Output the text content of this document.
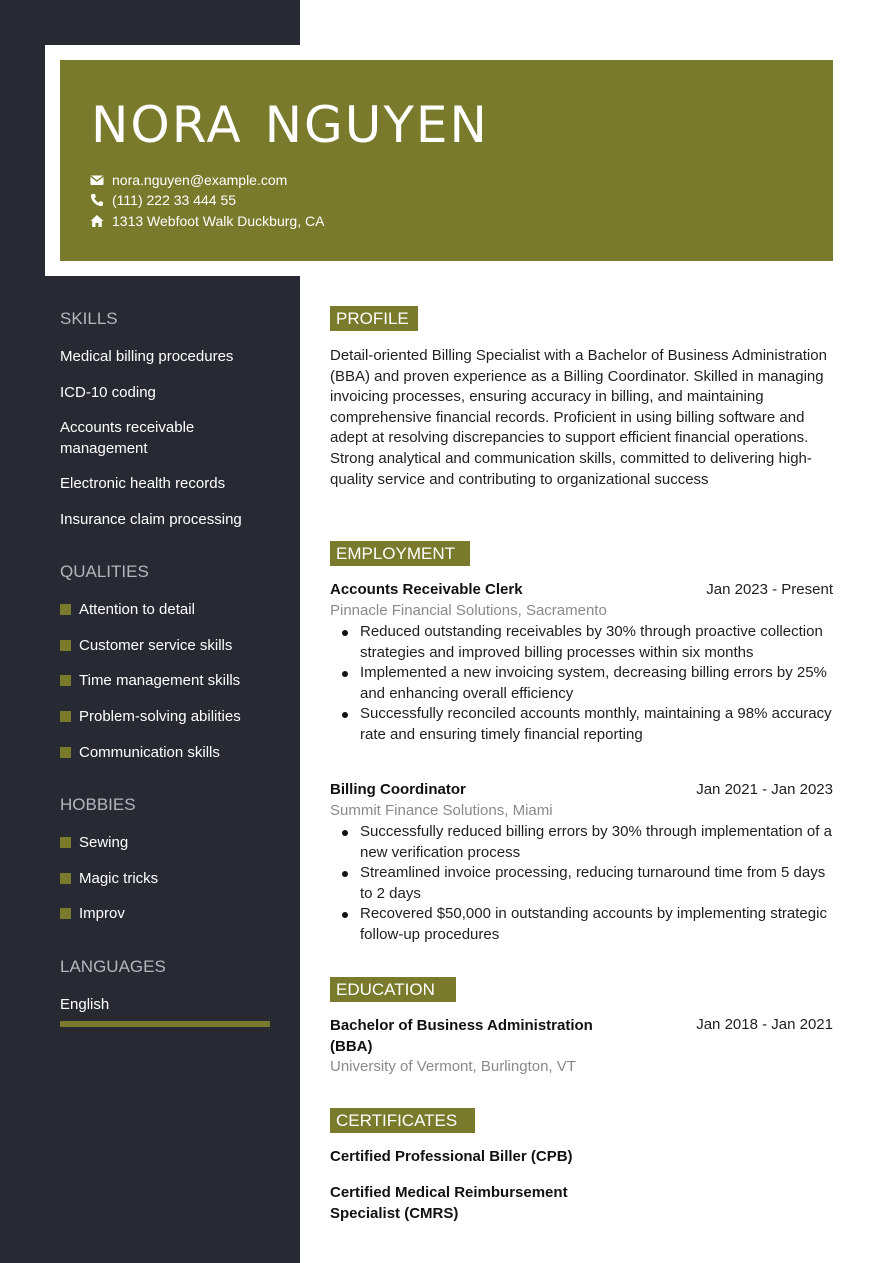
NORA NGUYEN
nora.nguyen@example.com
(111) 222 33 444 55
1313 Webfoot Walk Duckburg, CA
SKILLS
Medical billing procedures
ICD-10 coding
Accounts receivable management
Electronic health records
Insurance claim processing
QUALITIES
Attention to detail
Customer service skills
Time management skills
Problem-solving abilities
Communication skills
HOBBIES
Sewing
Magic tricks
Improv
LANGUAGES
English
PROFILE
Detail-oriented Billing Specialist with a Bachelor of Business Administration (BBA) and proven experience as a Billing Coordinator. Skilled in managing invoicing processes, ensuring accuracy in billing, and maintaining comprehensive financial records. Proficient in using billing software and adept at resolving discrepancies to support efficient financial operations. Strong analytical and communication skills, committed to delivering high-quality service and contributing to organizational success
EMPLOYMENT
Accounts Receivable Clerk	Jan 2023 - Present
Pinnacle Financial Solutions, Sacramento
Reduced outstanding receivables by 30% through proactive collection strategies and improved billing processes within six months
Implemented a new invoicing system, decreasing billing errors by 25% and enhancing overall efficiency
Successfully reconciled accounts monthly, maintaining a 98% accuracy rate and ensuring timely financial reporting
Billing Coordinator	Jan 2021 - Jan 2023
Summit Finance Solutions, Miami
Successfully reduced billing errors by 30% through implementation of a new verification process
Streamlined invoice processing, reducing turnaround time from 5 days to 2 days
Recovered $50,000 in outstanding accounts by implementing strategic follow-up procedures
EDUCATION
Bachelor of Business Administration (BBA)
Jan 2018 - Jan 2021
University of Vermont, Burlington, VT
CERTIFICATES
Certified Professional Biller (CPB)
Certified Medical Reimbursement Specialist (CMRS)
